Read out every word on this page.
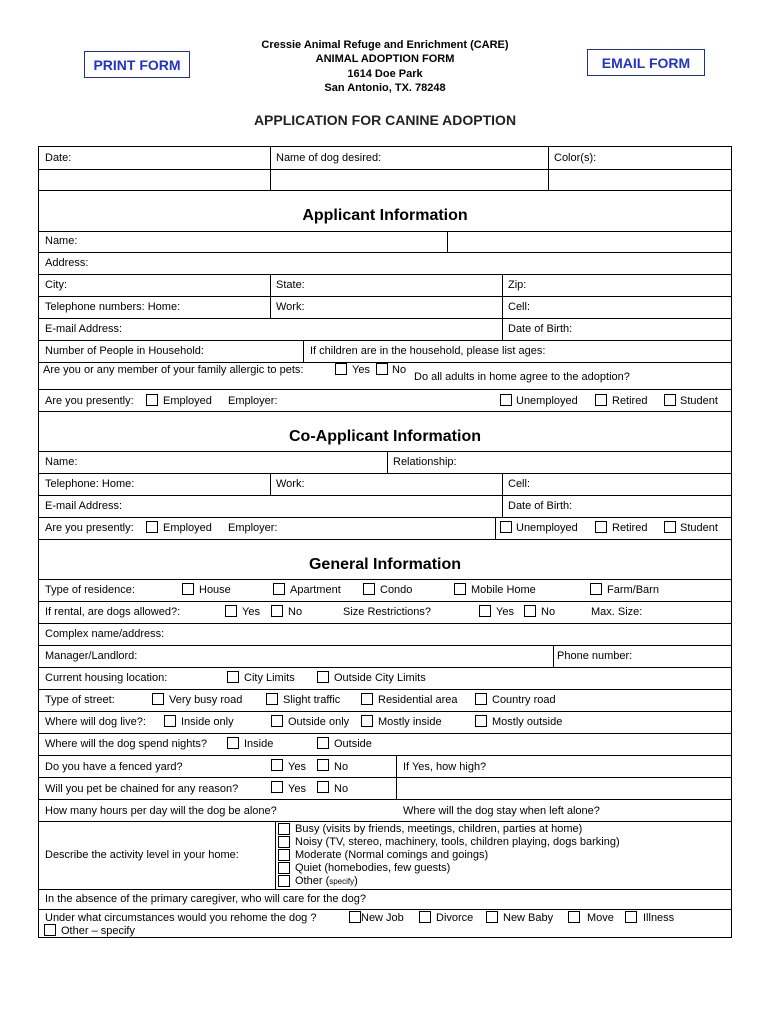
PRINT FORM	EMAIL FORM
Cressie Animal Refuge and Enrichment (CARE)
ANIMAL ADOPTION FORM
1614 Doe Park
San Antonio, TX. 78248
APPLICATION FOR CANINE ADOPTION
Date:	Name of dog desired:	Color(s):
Applicant Information
Name:
Address:
City:	State:	Zip:
Telephone numbers: Home:	Work:	Cell:
E-mail Address:	Date of Birth:
Number of People in Household:	If children are in the household, please list ages:
Are you or any member of your family allergic to pets:	Yes No
Do all adults in home agree to the adoption?
Are you presently:	Employed Employer:	Unemployed	Retired	Student
Co-Applicant Information
Name:	Relationship:
Telephone: Home:	Work:	Cell:
E-mail Address:	Date of Birth:
Are you presently:	Employed Employer:	Unemployed	Retired	Student
General Information
Type of residence:	House	Apartment	Condo	Mobile Home	Farm/Barn
If rental, are dogs allowed?:	Yes	No	Size Restrictions?	Yes No	Max. Size:
Complex name/address:
Manager/Landlord:	Phone number:
Current housing location:	City Limits	Outside City Limits
Type of street:	Very busy road	Slight traffic	Residential area	Country road
Where will dog live?:	Inside only	Outside only	Mostly inside	Mostly outside
Where will the dog spend nights?	Inside	Outside
Do you have a fenced yard?	Yes	No	If Yes, how high?
Will you pet be chained for any reason?	Yes	No
How many hours per day will the dog be alone?	Where will the dog stay when left alone?
Describe the activity level in your home:
Busy (visits by friends, meetings, children, parties at home)
Noisy (TV, stereo, machinery, tools, children playing, dogs barking)
Moderate (Normal comings and goings)
Quiet (homebodies, few guests)
Other (specify)
In the absence of the primary caregiver, who will care for the dog?
Under what circumstances would you rehome the dog ?	New Job	Divorce	New Baby	Move	Illness
Other – specify
